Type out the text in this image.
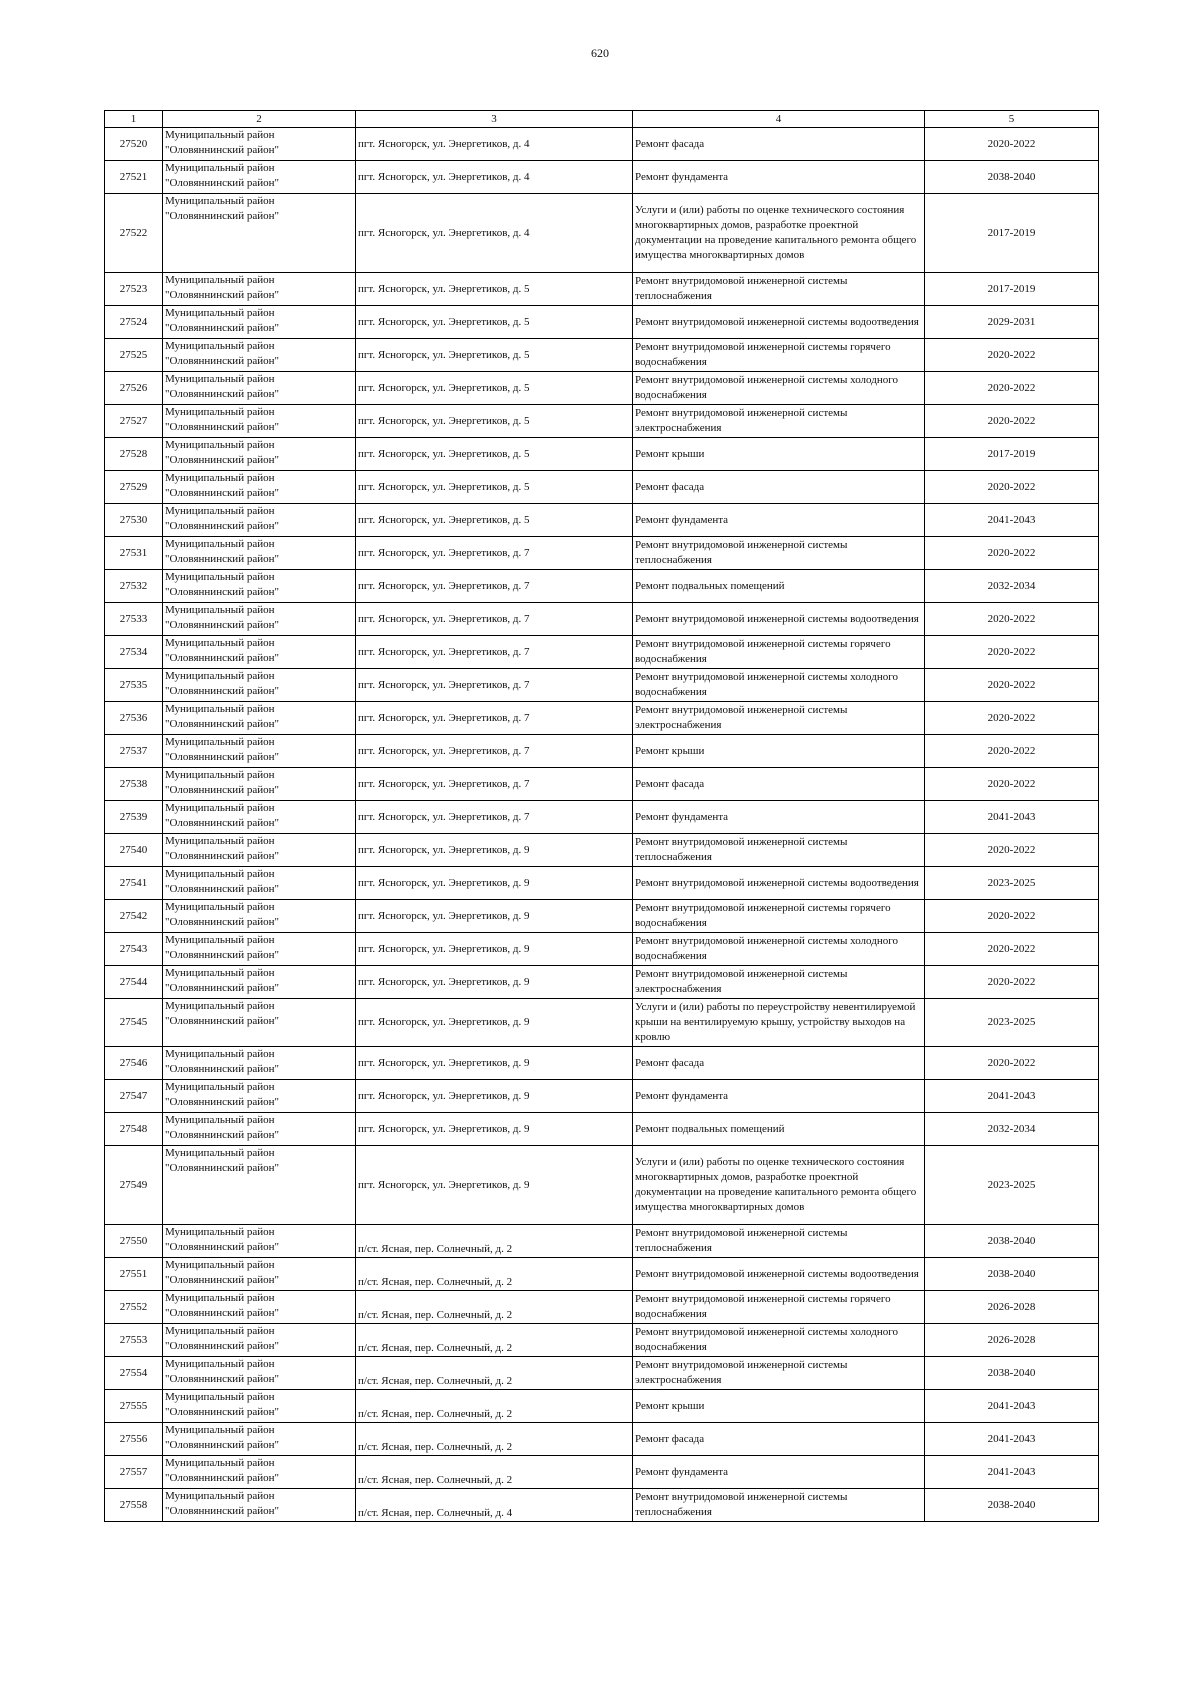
620
1	2	3	4	5
27520	Муниципальный район "Оловяннинский район"	пгт. Ясногорск, ул. Энергетиков, д. 4	Ремонт фасада	2020-2022
27521	Муниципальный район "Оловяннинский район"	пгт. Ясногорск, ул. Энергетиков, д. 4	Ремонт фундамента	2038-2040
27522	Муниципальный район "Оловяннинский район"	пгт. Ясногорск, ул. Энергетиков, д. 4	Услуги и (или) работы по оценке технического состояния многоквартирных домов, разработке проектной документации на проведение капитального ремонта общего имущества многоквартирных домов	2017-2019
27523	Муниципальный район "Оловяннинский район"	пгт. Ясногорск, ул. Энергетиков, д. 5	Ремонт внутридомовой инженерной системы теплоснабжения	2017-2019
27524	Муниципальный район "Оловяннинский район"	пгт. Ясногорск, ул. Энергетиков, д. 5	Ремонт внутридомовой инженерной системы водоотведения	2029-2031
27525	Муниципальный район "Оловяннинский район"	пгт. Ясногорск, ул. Энергетиков, д. 5	Ремонт внутридомовой инженерной системы горячего водоснабжения	2020-2022
27526	Муниципальный район "Оловяннинский район"	пгт. Ясногорск, ул. Энергетиков, д. 5	Ремонт внутридомовой инженерной системы холодного водоснабжения	2020-2022
27527	Муниципальный район "Оловяннинский район"	пгт. Ясногорск, ул. Энергетиков, д. 5	Ремонт внутридомовой инженерной системы электроснабжения	2020-2022
27528	Муниципальный район "Оловяннинский район"	пгт. Ясногорск, ул. Энергетиков, д. 5	Ремонт крыши	2017-2019
27529	Муниципальный район "Оловяннинский район"	пгт. Ясногорск, ул. Энергетиков, д. 5	Ремонт фасада	2020-2022
27530	Муниципальный район "Оловяннинский район"	пгт. Ясногорск, ул. Энергетиков, д. 5	Ремонт фундамента	2041-2043
27531	Муниципальный район "Оловяннинский район"	пгт. Ясногорск, ул. Энергетиков, д. 7	Ремонт внутридомовой инженерной системы теплоснабжения	2020-2022
27532	Муниципальный район "Оловяннинский район"	пгт. Ясногорск, ул. Энергетиков, д. 7	Ремонт подвальных помещений	2032-2034
27533	Муниципальный район "Оловяннинский район"	пгт. Ясногорск, ул. Энергетиков, д. 7	Ремонт внутридомовой инженерной системы водоотведения	2020-2022
27534	Муниципальный район "Оловяннинский район"	пгт. Ясногорск, ул. Энергетиков, д. 7	Ремонт внутридомовой инженерной системы горячего водоснабжения	2020-2022
27535	Муниципальный район "Оловяннинский район"	пгт. Ясногорск, ул. Энергетиков, д. 7	Ремонт внутридомовой инженерной системы холодного водоснабжения	2020-2022
27536	Муниципальный район "Оловяннинский район"	пгт. Ясногорск, ул. Энергетиков, д. 7	Ремонт внутридомовой инженерной системы электроснабжения	2020-2022
27537	Муниципальный район "Оловяннинский район"	пгт. Ясногорск, ул. Энергетиков, д. 7	Ремонт крыши	2020-2022
27538	Муниципальный район "Оловяннинский район"	пгт. Ясногорск, ул. Энергетиков, д. 7	Ремонт фасада	2020-2022
27539	Муниципальный район "Оловяннинский район"	пгт. Ясногорск, ул. Энергетиков, д. 7	Ремонт фундамента	2041-2043
27540	Муниципальный район "Оловяннинский район"	пгт. Ясногорск, ул. Энергетиков, д. 9	Ремонт внутридомовой инженерной системы теплоснабжения	2020-2022
27541	Муниципальный район "Оловяннинский район"	пгт. Ясногорск, ул. Энергетиков, д. 9	Ремонт внутридомовой инженерной системы водоотведения	2023-2025
27542	Муниципальный район "Оловяннинский район"	пгт. Ясногорск, ул. Энергетиков, д. 9	Ремонт внутридомовой инженерной системы горячего водоснабжения	2020-2022
27543	Муниципальный район "Оловяннинский район"	пгт. Ясногорск, ул. Энергетиков, д. 9	Ремонт внутридомовой инженерной системы холодного водоснабжения	2020-2022
27544	Муниципальный район "Оловяннинский район"	пгт. Ясногорск, ул. Энергетиков, д. 9	Ремонт внутридомовой инженерной системы электроснабжения	2020-2022
27545	Муниципальный район "Оловяннинский район"	пгт. Ясногорск, ул. Энергетиков, д. 9	Услуги и (или) работы по переустройству невентилируемой крыши на вентилируемую крышу, устройству выходов на кровлю	2023-2025
27546	Муниципальный район "Оловяннинский район"	пгт. Ясногорск, ул. Энергетиков, д. 9	Ремонт фасада	2020-2022
27547	Муниципальный район "Оловяннинский район"	пгт. Ясногорск, ул. Энергетиков, д. 9	Ремонт фундамента	2041-2043
27548	Муниципальный район "Оловяннинский район"	пгт. Ясногорск, ул. Энергетиков, д. 9	Ремонт подвальных помещений	2032-2034
27549	Муниципальный район "Оловяннинский район"	пгт. Ясногорск, ул. Энергетиков, д. 9	Услуги и (или) работы по оценке технического состояния многоквартирных домов, разработке проектной документации на проведение капитального ремонта общего имущества многоквартирных домов	2023-2025
27550	Муниципальный район "Оловяннинский район"	п/ст. Ясная, пер. Солнечный, д. 2	Ремонт внутридомовой инженерной системы теплоснабжения	2038-2040
27551	Муниципальный район "Оловяннинский район"	п/ст. Ясная, пер. Солнечный, д. 2	Ремонт внутридомовой инженерной системы водоотведения	2038-2040
27552	Муниципальный район "Оловяннинский район"	п/ст. Ясная, пер. Солнечный, д. 2	Ремонт внутридомовой инженерной системы горячего водоснабжения	2026-2028
27553	Муниципальный район "Оловяннинский район"	п/ст. Ясная, пер. Солнечный, д. 2	Ремонт внутридомовой инженерной системы холодного водоснабжения	2026-2028
27554	Муниципальный район "Оловяннинский район"	п/ст. Ясная, пер. Солнечный, д. 2	Ремонт внутридомовой инженерной системы электроснабжения	2038-2040
27555	Муниципальный район "Оловяннинский район"	п/ст. Ясная, пер. Солнечный, д. 2	Ремонт крыши	2041-2043
27556	Муниципальный район "Оловяннинский район"	п/ст. Ясная, пер. Солнечный, д. 2	Ремонт фасада	2041-2043
27557	Муниципальный район "Оловяннинский район"	п/ст. Ясная, пер. Солнечный, д. 2	Ремонт фундамента	2041-2043
27558	Муниципальный район "Оловяннинский район"	п/ст. Ясная, пер. Солнечный, д. 4	Ремонт внутридомовой инженерной системы теплоснабжения	2038-2040
